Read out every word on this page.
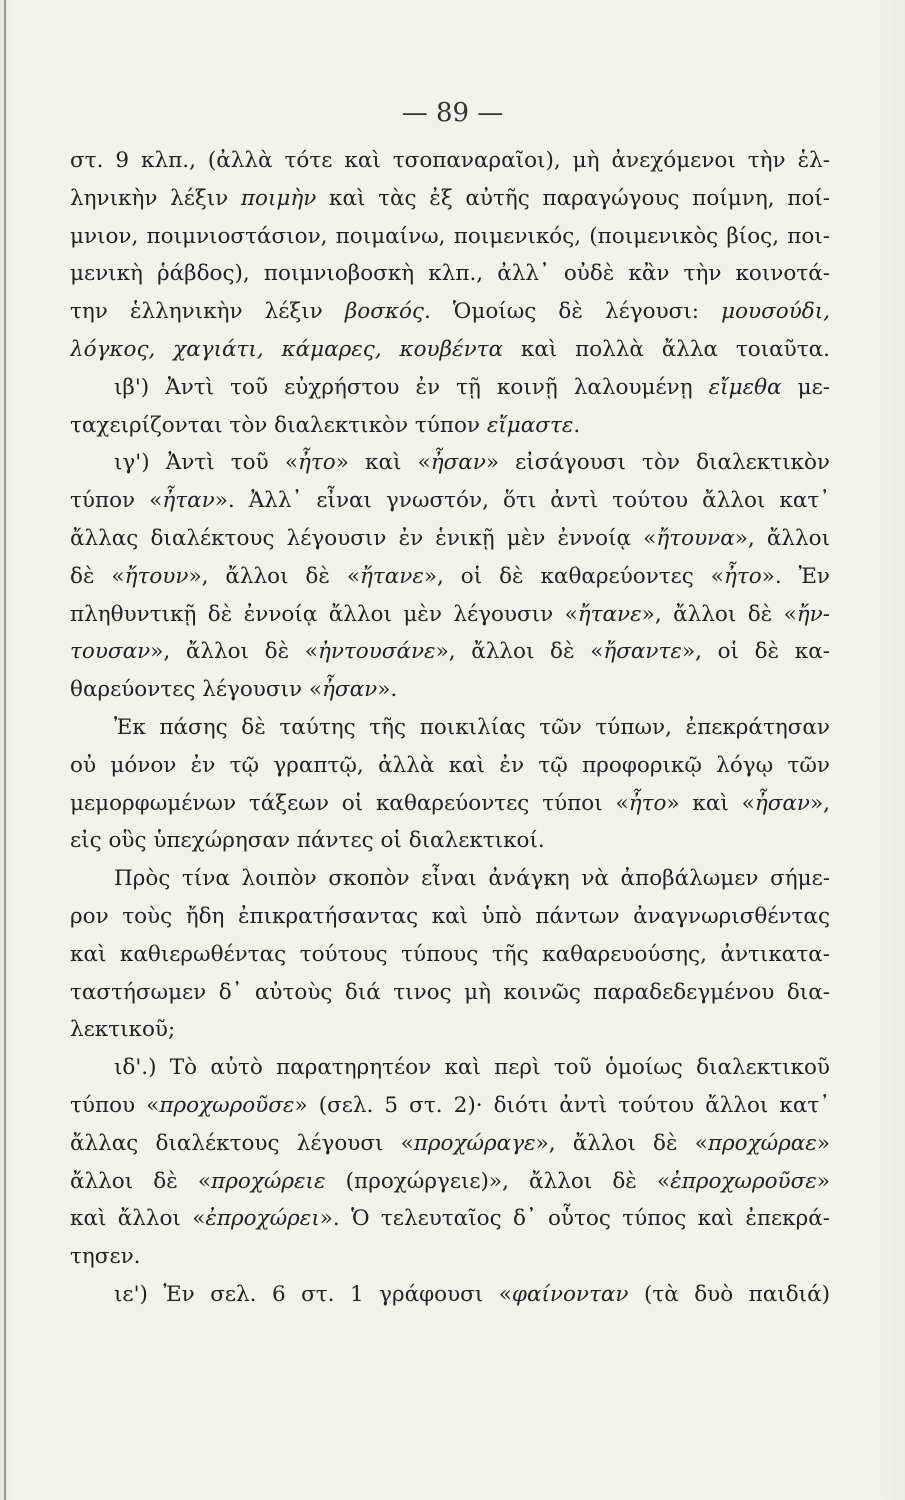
— 89 —
στ. 9 κλπ., (ἀλλὰ τότε καὶ τσοπαναραῖοι), μὴ ἀνεχόμενοι τὴν ἑλ-
ληνικὴν λέξιν ποιμὴν καὶ τὰς ἐξ αὐτῆς παραγώγους ποίμνη, ποί-
μνιον, ποιμνιοστάσιον, ποιμαίνω, ποιμενικός, (ποιμενικὸς βίος, ποι-
μενικὴ ῥάβδος), ποιμνιοβοσκὴ κλπ., ἀλλ᾽ οὐδὲ κἂν τὴν κοινοτά-
την ἑλληνικὴν λέξιν βοσκός. Ὁμοίως δὲ λέγουσι: μουσούδι,
λόγκος, χαγιάτι, κάμαρες, κουβέντα καὶ πολλὰ ἄλλα τοιαῦτα.
ιβ') Ἀντὶ τοῦ εὐχρήστου ἐν τῇ κοινῇ λαλουμένῃ εἴμεθα με-
ταχειρίζονται τὸν διαλεκτικὸν τύπον εἴμαστε.
ιγ') Ἀντὶ τοῦ «ἦτο» καὶ «ἦσαν» εἰσάγουσι τὸν διαλεκτικὸν
τύπον «ἦταν». Ἀλλ᾽ εἶναι γνωστόν, ὅτι ἀντὶ τούτου ἄλλοι κατ᾽
ἄλλας διαλέκτους λέγουσιν ἐν ἑνικῇ μὲν ἐννοίᾳ «ἤτουνα», ἄλλοι
δὲ «ἤτουν», ἄλλοι δὲ «ἤτανε», οἱ δὲ καθαρεύοντες «ἦτο». Ἐν
πληθυντικῇ δὲ ἐννοίᾳ ἄλλοι μὲν λέγουσιν «ἤτανε», ἄλλοι δὲ «ἤν-
τουσαν», ἄλλοι δὲ «ἠντουσάνε», ἄλλοι δὲ «ἤσαντε», οἱ δὲ κα-
θαρεύοντες λέγουσιν «ἦσαν».
Ἐκ πάσης δὲ ταύτης τῆς ποικιλίας τῶν τύπων, ἐπεκράτησαν
οὐ μόνον ἐν τῷ γραπτῷ, ἀλλὰ καὶ ἐν τῷ προφορικῷ λόγῳ τῶν
μεμορφωμένων τάξεων οἱ καθαρεύοντες τύποι «ἦτο» καὶ «ἦσαν»,
εἰς οὓς ὑπεχώρησαν πάντες οἱ διαλεκτικοί.
Πρὸς τίνα λοιπὸν σκοπὸν εἶναι ἀνάγκη νὰ ἀποβάλωμεν σήμε-
ρον τοὺς ἤδη ἐπικρατήσαντας καὶ ὑπὸ πάντων ἀναγνωρισθέντας
καὶ καθιερωθέντας τούτους τύπους τῆς καθαρευούσης, ἀντικατα-
ταστήσωμεν δ᾽ αὐτοὺς διά τινος μὴ κοινῶς παραδεδεγμένου δια-
λεκτικοῦ;
ιδ'.) Τὸ αὐτὸ παρατηρητέον καὶ περὶ τοῦ ὁμοίως διαλεκτικοῦ
τύπου «προχωροῦσε» (σελ. 5 στ. 2)· διότι ἀντὶ τούτου ἄλλοι κατ᾽
ἄλλας διαλέκτους λέγουσι «προχώραγε», ἄλλοι δὲ «προχώραε»
ἄλλοι δὲ «προχώρειε (προχώργειε)», ἄλλοι δὲ «ἐπροχωροῦσε»
καὶ ἄλλοι «ἐπροχώρει». Ὁ τελευταῖος δ᾽ οὗτος τύπος καὶ ἐπεκρά-
τησεν.
ιε') Ἐν σελ. 6 στ. 1 γράφουσι «φαίνονταν (τὰ δυὸ παιδιά)
